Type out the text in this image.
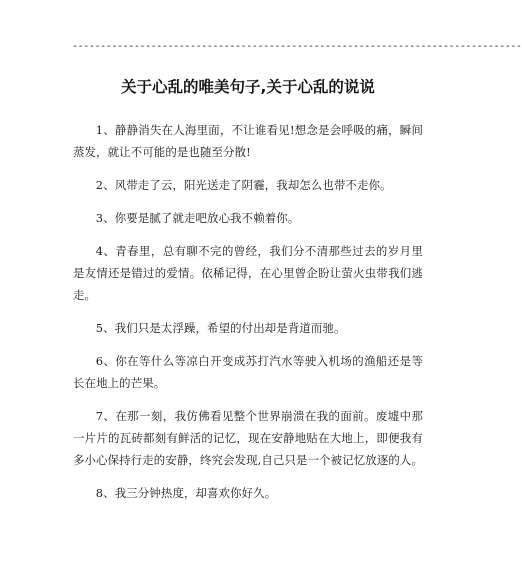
--------------------------------------------------------------------------------
关于心乱的唯美句子,关于心乱的说说

1、静静消失在人海里面，不让谁看见!想念是会呼吸的痛，瞬间蒸发，就让不可能的是也随至分散!

2、风带走了云，阳光送走了阴霾，我却怎么也带不走你。

3、你要是腻了就走吧放心我不赖着你。

4、青春里，总有聊不完的曾经，我们分不清那些过去的岁月里是友情还是错过的爱情。依稀记得，在心里曾企盼让萤火虫带我们逃走。

5、我们只是太浮躁，希望的付出却是背道而驰。

6、你在等什么等凉白开变成苏打汽水等驶入机场的渔船还是等长在地上的芒果。

7、在那一刻，我仿佛看见整个世界崩溃在我的面前。废墟中那一片片的瓦砖都刻有鲜活的记忆，现在安静地贴在大地上，即便我有多小心保持行走的安静，终究会发现,自己只是一个被记忆放逐的人。

8、我三分钟热度，却喜欢你好久。
